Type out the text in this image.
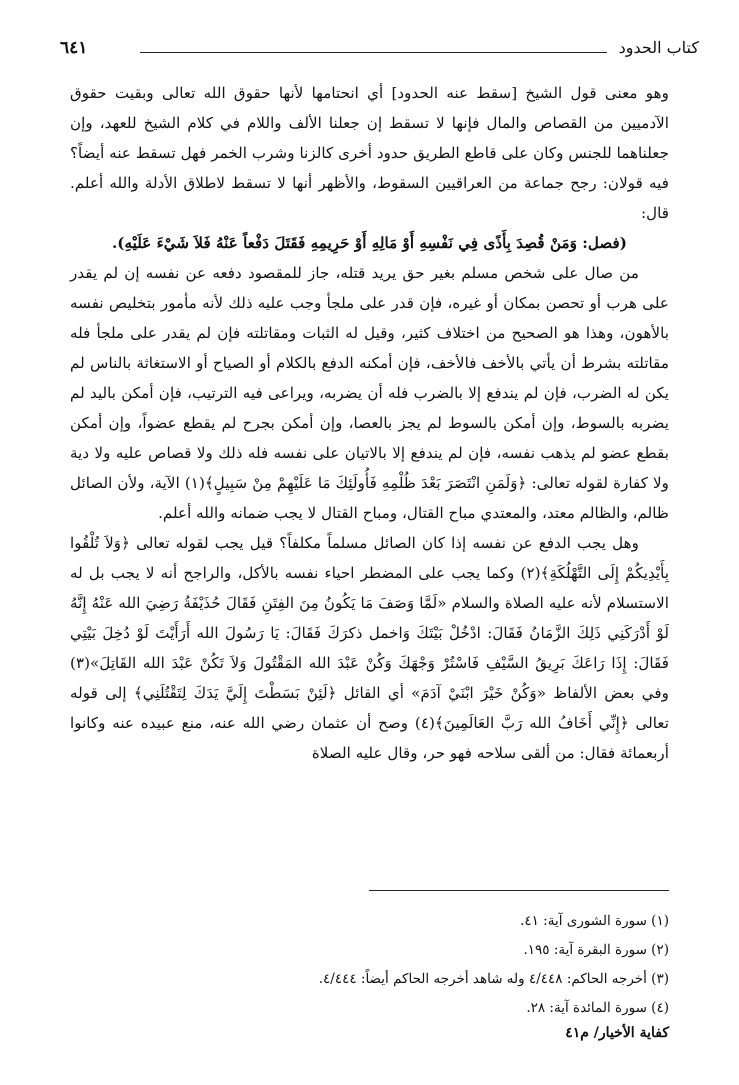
كتاب الحدود
٦٤١

وهو معنى قول الشيخ [سقط عنه الحدود] أي انحتامها لأنها حقوق الله تعالى وبقيت حقوق الآدميين من القصاص والمال فإنها لا تسقط إن جعلنا الألف واللام في كلام الشيخ للعهد، وإن جعلناهما للجنس وكان على قاطع الطريق حدود أخرى كالزنا وشرب الخمر فهل تسقط عنه أيضاً؟ فيه قولان: رجح جماعة من العراقيين السقوط، والأظهر أنها لا تسقط لاطلاق الأدلة والله أعلم. قال:

(فصل: وَمَنْ قُصِدَ بِأَذًى فِي نَفْسِهِ أَوْ مَالِهِ أَوْ حَرِيمِهِ فَقَتَلَ دَفْعاً عَنْهُ فَلاَ شَيْءَ عَلَيْهِ).

من صال على شخص مسلم بغير حق يريد قتله، جاز للمقصود دفعه عن نفسه إن لم يقدر على هرب أو تحصن بمكان أو غيره، فإن قدر على ملجأ وجب عليه ذلك لأنه مأمور بتخليص نفسه بالأهون، وهذا هو الصحيح من اختلاف كثير، وقيل له الثبات ومقاتلته فإن لم يقدر على ملجأ فله مقاتلته بشرط أن يأتي بالأخف فالأخف، فإن أمكنه الدفع بالكلام أو الصياح أو الاستغاثة بالناس لم يكن له الضرب، فإن لم يندفع إلا بالضرب فله أن يضربه، ويراعى فيه الترتيب، فإن أمكن باليد لم يضربه بالسوط، وإن أمكن بالسوط لم يجز بالعصا، وإن أمكن بجرح لم يقطع عضواً، وإن أمكن بقطع عضو لم يذهب نفسه، فإن لم يندفع إلا بالاتيان على نفسه فله ذلك ولا قصاص عليه ولا دية ولا كفارة لقوله تعالى: ﴿وَلَمَنِ انْتَصَرَ بَعْدَ ظُلْمِهِ فَأُولَئِكَ مَا عَلَيْهِمْ مِنْ سَبِيلٍ﴾(١) الآية، ولأن الصائل ظالم، والظالم معتد، والمعتدي مباح القتال، ومباح القتال لا يجب ضمانه والله أعلم.

وهل يجب الدفع عن نفسه إذا كان الصائل مسلماً مكلفاً؟ قيل يجب لقوله تعالى ﴿وَلاَ تُلْقُوا بِأَيْدِيكُمْ إِلَى التَّهْلُكَةِ﴾(٢) وكما يجب على المضطر احياء نفسه بالأكل، والراجح أنه لا يجب بل له الاستسلام لأنه عليه الصلاة والسلام «لَمَّا وَصَفَ مَا يَكُونُ مِنَ الفِتَنِ فَقَالَ حُذَيْفَةُ رَضِيَ الله عَنْهُ إِنَّهُ لَوْ أَدْرَكَنِي ذَلِكَ الزَّمَانُ فَقَالَ: ادْخُلْ بَيْتَكَ وَاخمل ذكرَكَ فَقَالَ: يَا رَسُولَ الله أَرَأَيْتَ لَوْ دُخِلَ بَيْتِي فَقَالَ: إِذَا رَاعَكَ بَرِيقُ السَّيْفِ فَاسْتُرْ وَجْهَكَ وَكُنْ عَبْدَ الله المَقْتُولَ وَلاَ تَكُنْ عَبْدَ الله القَاتِلَ»(٣) وفي بعض الألفاظ «وَكُنْ خَيْرَ ابْنَيْ آدَمَ» أي القائل ﴿لَئِنْ بَسَطْتَ إِلَيَّ يَدَكَ لِتَقْتُلَنِي﴾ إلى قوله تعالى ﴿إِنِّي أَخَافُ الله رَبَّ العَالَمِينَ﴾(٤) وصح أن عثمان رضي الله عنه، منع عبيده عنه وكانوا أربعمائة فقال: من ألقى سلاحه فهو حر، وقال عليه الصلاة

(١) سورة الشورى آية: ٤١.
(٢) سورة البقرة آية: ١٩٥.
(٣) أخرجه الحاكم: ٤/٤٤٨ وله شاهد أخرجه الحاكم أيضاً: ٤/٤٤٤.
(٤) سورة المائدة آية: ٢٨.
كفاية الأخيار/ م٤١
